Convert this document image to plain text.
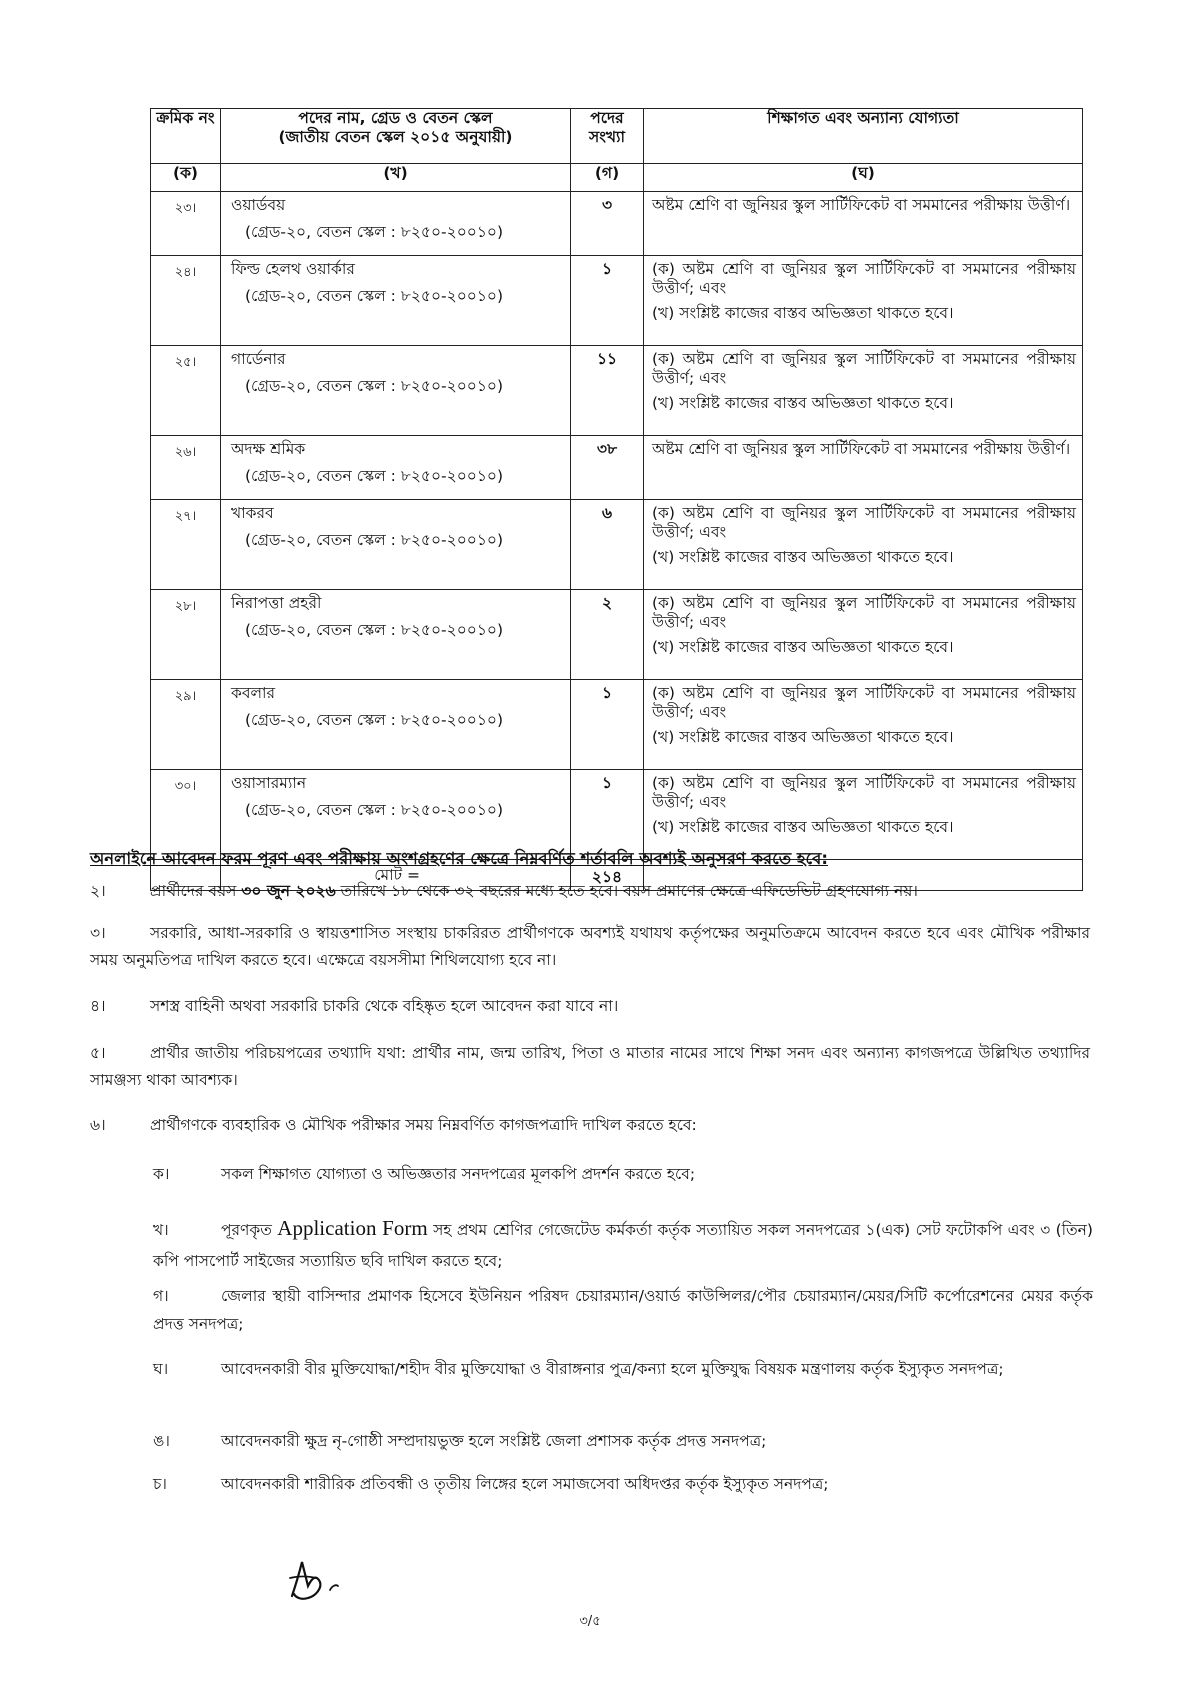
ক্রমিক নং	পদের নাম, গ্রেড ও বেতন স্কেল
(জাতীয় বেতন স্কেল ২০১৫ অনুযায়ী)	পদের সংখ্যা	শিক্ষাগত এবং অন্যান্য যোগ্যতা
(ক)	(খ)	(গ)	(ঘ)
২৩।	ওয়ার্ডবয়
(গ্রেড-২০, বেতন স্কেল : ৮২৫০-২০০১০)	৩	অষ্টম শ্রেণি বা জুনিয়র স্কুল সার্টিফিকেট বা সমমানের পরীক্ষায় উত্তীর্ণ।

২৪।	ফিল্ড হেলথ ওয়ার্কার
(গ্রেড-২০, বেতন স্কেল : ৮২৫০-২০০১০)	১	(ক) অষ্টম শ্রেণি বা জুনিয়র স্কুল সার্টিফিকেট বা সমমানের পরীক্ষায় উত্তীর্ণ; এবং
(খ) সংশ্লিষ্ট কাজের বাস্তব অভিজ্ঞতা থাকতে হবে।

২৫।	গার্ডেনার
(গ্রেড-২০, বেতন স্কেল : ৮২৫০-২০০১০)	১১	(ক) অষ্টম শ্রেণি বা জুনিয়র স্কুল সার্টিফিকেট বা সমমানের পরীক্ষায় উত্তীর্ণ; এবং
(খ) সংশ্লিষ্ট কাজের বাস্তব অভিজ্ঞতা থাকতে হবে।

২৬।	অদক্ষ শ্রমিক
(গ্রেড-২০, বেতন স্কেল : ৮২৫০-২০০১০)	৩৮	অষ্টম শ্রেণি বা জুনিয়র স্কুল সার্টিফিকেট বা সমমানের পরীক্ষায় উত্তীর্ণ।

২৭।	খাকরব
(গ্রেড-২০, বেতন স্কেল : ৮২৫০-২০০১০)	৬	(ক) অষ্টম শ্রেণি বা জুনিয়র স্কুল সার্টিফিকেট বা সমমানের পরীক্ষায় উত্তীর্ণ; এবং
(খ) সংশ্লিষ্ট কাজের বাস্তব অভিজ্ঞতা থাকতে হবে।

২৮।	নিরাপত্তা প্রহরী
(গ্রেড-২০, বেতন স্কেল : ৮২৫০-২০০১০)	২	(ক) অষ্টম শ্রেণি বা জুনিয়র স্কুল সার্টিফিকেট বা সমমানের পরীক্ষায় উত্তীর্ণ; এবং
(খ) সংশ্লিষ্ট কাজের বাস্তব অভিজ্ঞতা থাকতে হবে।

২৯।	কবলার
(গ্রেড-২০, বেতন স্কেল : ৮২৫০-২০০১০)	১	(ক) অষ্টম শ্রেণি বা জুনিয়র স্কুল সার্টিফিকেট বা সমমানের পরীক্ষায় উত্তীর্ণ; এবং
(খ) সংশ্লিষ্ট কাজের বাস্তব অভিজ্ঞতা থাকতে হবে।

৩০।	ওয়াসারম্যান
(গ্রেড-২০, বেতন স্কেল : ৮২৫০-২০০১০)	১	(ক) অষ্টম শ্রেণি বা জুনিয়র স্কুল সার্টিফিকেট বা সমমানের পরীক্ষায় উত্তীর্ণ; এবং
(খ) সংশ্লিষ্ট কাজের বাস্তব অভিজ্ঞতা থাকতে হবে।

	মোট =	২১৪	
অনলাইনে আবেদন ফরম পূরণ এবং পরীক্ষায় অংশগ্রহণের ক্ষেত্রে নিম্নবর্ণিত শর্তাবলি অবশ্যই অনুসরণ করতে হবে:
২।	প্রার্থীদের বয়স ৩০ জুন ২০২৬ তারিখে ১৮ থেকে ৩২ বছরের মধ্যে হতে হবে। বয়স প্রমাণের ক্ষেত্রে এফিডেভিট গ্রহণযোগ্য নয়।
৩।	সরকারি, আধা-সরকারি ও স্বায়ত্তশাসিত সংস্থায় চাকরিরত প্রার্থীগণকে অবশ্যই যথাযথ কর্তৃপক্ষের অনুমতিক্রমে আবেদন করতে হবে এবং মৌখিক পরীক্ষার সময় অনুমতিপত্র দাখিল করতে হবে। এক্ষেত্রে বয়সসীমা শিথিলযোগ্য হবে না।
৪।	সশস্ত্র বাহিনী অথবা সরকারি চাকরি থেকে বহিষ্কৃত হলে আবেদন করা যাবে না।
৫।	প্রার্থীর জাতীয় পরিচয়পত্রের তথ্যাদি যথা: প্রার্থীর নাম, জন্ম তারিখ, পিতা ও মাতার নামের সাথে শিক্ষা সনদ এবং অন্যান্য কাগজপত্রে উল্লিখিত তথ্যাদির সামঞ্জস্য থাকা আবশ্যক।
৬।	প্রার্থীগণকে ব্যবহারিক ও মৌখিক পরীক্ষার সময় নিম্নবর্ণিত কাগজপত্রাদি দাখিল করতে হবে:
ক।	সকল শিক্ষাগত যোগ্যতা ও অভিজ্ঞতার সনদপত্রের মূলকপি প্রদর্শন করতে হবে;
খ।	পূরণকৃত Application Form সহ প্রথম শ্রেণির গেজেটেড কর্মকর্তা কর্তৃক সত্যায়িত সকল সনদপত্রের ১(এক) সেট ফটোকপি এবং ৩ (তিন) কপি পাসপোর্ট সাইজের সত্যায়িত ছবি দাখিল করতে হবে;
গ।	জেলার স্থায়ী বাসিন্দার প্রমাণক হিসেবে ইউনিয়ন পরিষদ চেয়ারম্যান/ওয়ার্ড কাউন্সিলর/পৌর চেয়ারম্যান/মেয়র/সিটি কর্পোরেশনের মেয়র কর্তৃক প্রদত্ত সনদপত্র;
ঘ।	আবেদনকারী বীর মুক্তিযোদ্ধা/শহীদ বীর মুক্তিযোদ্ধা ও বীরাঙ্গনার পুত্র/কন্যা হলে মুক্তিযুদ্ধ বিষয়ক মন্ত্রণালয় কর্তৃক ইস্যুকৃত সনদপত্র;
ঙ।	আবেদনকারী ক্ষুদ্র নৃ-গোষ্ঠী সম্প্রদায়ভুক্ত হলে সংশ্লিষ্ট জেলা প্রশাসক কর্তৃক প্রদত্ত সনদপত্র;
চ।	আবেদনকারী শারীরিক প্রতিবন্ধী ও তৃতীয় লিঙ্গের হলে সমাজসেবা অধিদপ্তর কর্তৃক ইস্যুকৃত সনদপত্র;
৩/৫
